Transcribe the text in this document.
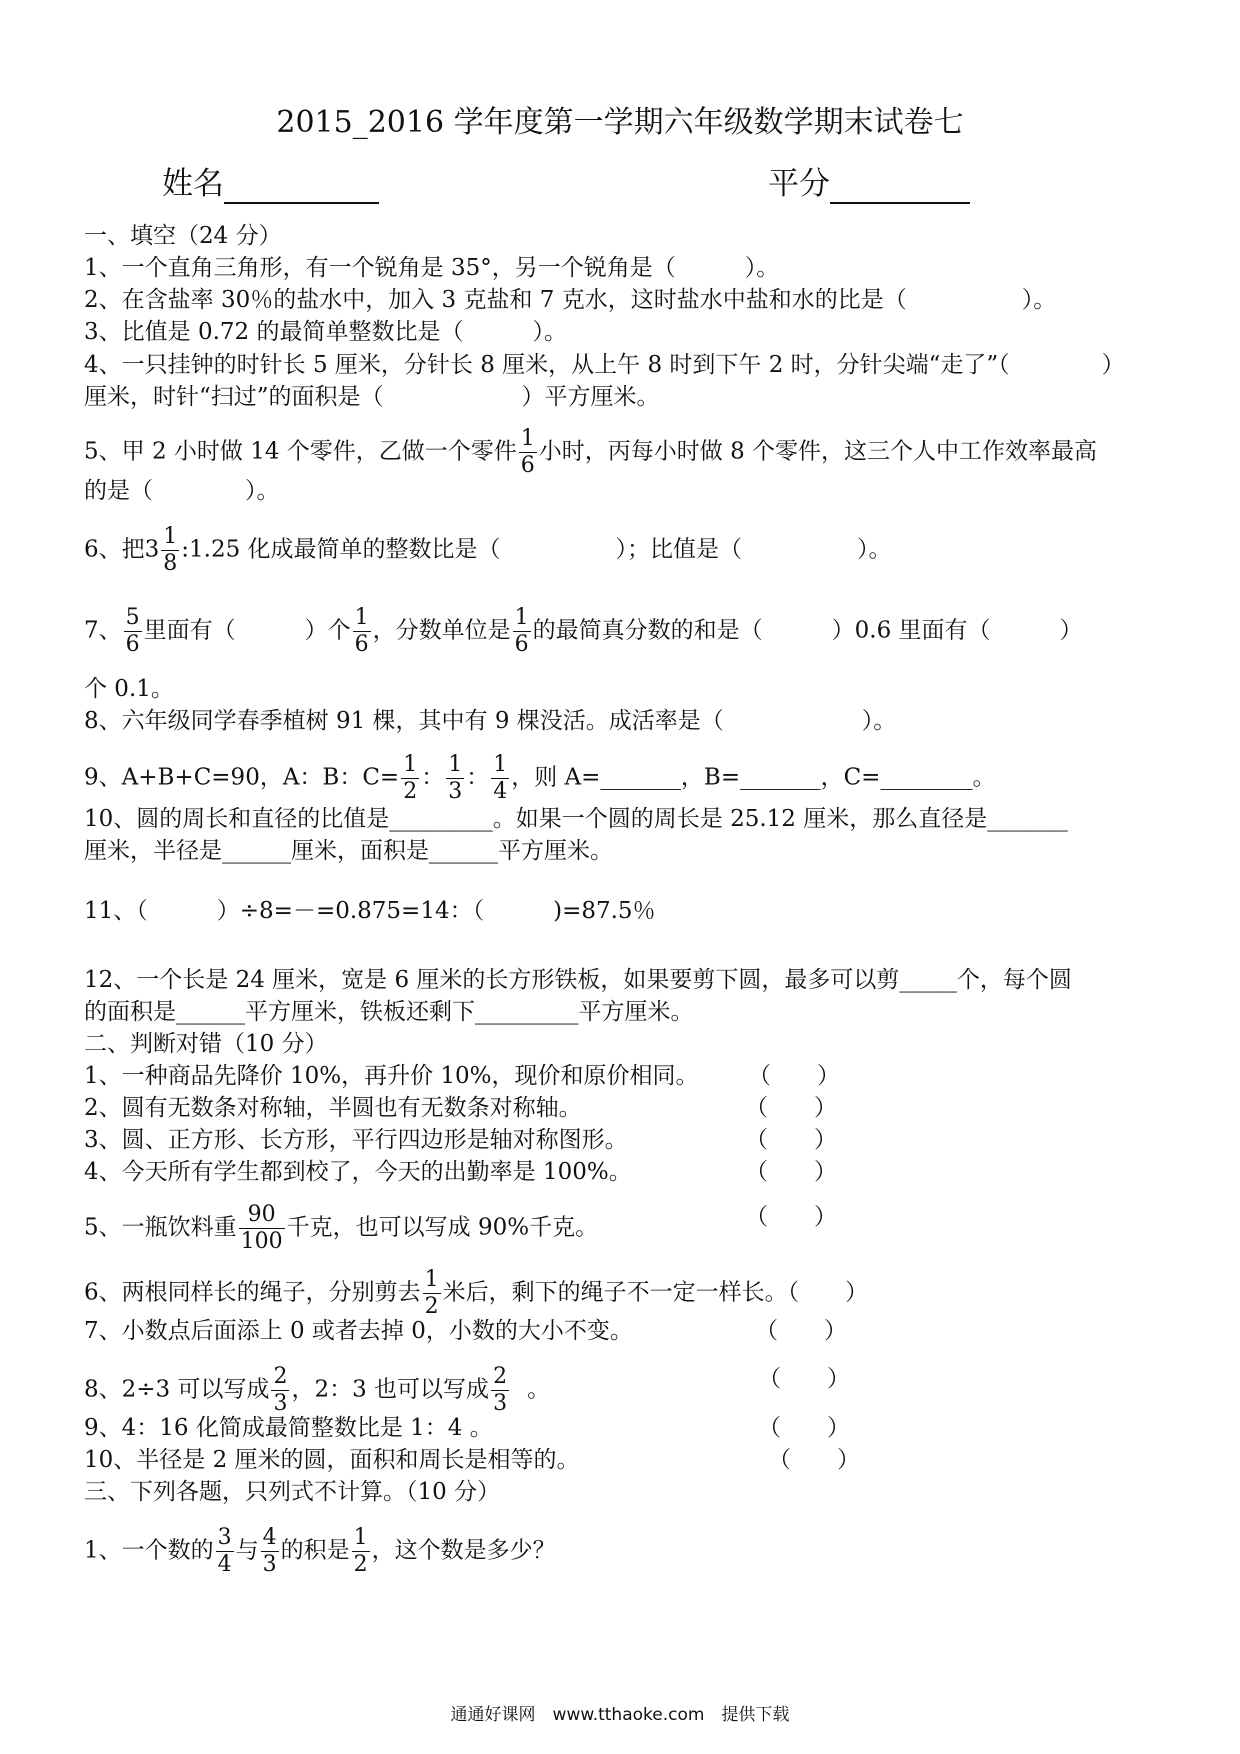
2015_2016 学年度第一学期六年级数学期末试卷七
姓名	平分
一、填空（24 分）
1、一个直角三角形，有一个锐角是 35°，另一个锐角是（　　　）。
2、在含盐率 30％的盐水中，加入 3 克盐和 7 克水，这时盐水中盐和水的比是（　　　　　）。
3、比值是 0.72 的最简单整数比是（　　　）。
4、一只挂钟的时针长 5 厘米，分针长 8 厘米，从上午 8 时到下午 2 时，分针尖端“走了”（　　　　）
厘米，时针“扫过”的面积是（　　　　　　）平方厘米。
5、甲 2 小时做 14 个零件，乙做一个零件 $\frac{1}{6}$ 小时，丙每小时做 8 个零件，这三个人中工作效率最高
的是（　　　　）。
6、把$3 \frac{1}{8}$ :1.25 化成最简单的整数比是（　　　　　）；比值是（　　　　　）。
7、 $\frac{5}{6}$ 里面有（　　　）个 $\frac{1}{6}$ ，分数单位是 $\frac{1}{6}$ 的最简真分数的和是（　　　）0.6 里面有（　　　）
个 0.1。
8、六年级同学春季植树 91 棵，其中有 9 棵没活。成活率是（　　　　　　）。
9、A+B+C=90，A：B：$C= \frac{1}{2}$ ： $\frac{1}{3}$ ： $\frac{1}{4}$ ，则 A=_______，B=_______，C=________。
10、圆的周长和直径的比值是_________。如果一个圆的周长是 25.12 厘米，那么直径是_______
厘米，半径是______厘米，面积是______平方厘米。
11、（　　　）÷8=－=0.875=14：（　　　)=87.5％
12、一个长是 24 厘米，宽是 6 厘米的长方形铁板，如果要剪下圆，最多可以剪_____个，每个圆
的面积是______平方厘米，铁板还剩下_________平方厘米。
二、判断对错（10 分）
1、一种商品先降价 10%，再升价 10%，现价和原价相同。 （　　）
2、圆有无数条对称轴，半圆也有无数条对称轴。	（　　）
3、圆、正方形、长方形，平行四边形是轴对称图形。	（　　）
4、今天所有学生都到校了，今天的出勤率是 100%。	（　　）
5、一瓶饮料重 $\frac{90}{100}$ 千克，也可以写成 90%千克。	（　　）
6、两根同样长的绳子，分别剪去 $\frac{1}{2}$ 米后，剩下的绳子不一定一样长。（　　）
7、小数点后面添上 0 或者去掉 0，小数的大小不变。	（　　）
8、2÷3 可以写成 $\frac{2}{3}$ ，2：3 也可以写成 $\frac{2}{3}$ 。	（　　）
9、4：16 化简成最简整数比是 1：4 。	（　　）
10、半径是 2 厘米的圆，面积和周长是相等的。	（　　）
三、下列各题，只列式不计算。（10 分）
1、一个数的 $\frac{3}{4}$ 与 $\frac{4}{3}$ 的积是 $\frac{1}{2}$ ，这个数是多少？
通通好课网　www.tthaoke.com　提供下载
